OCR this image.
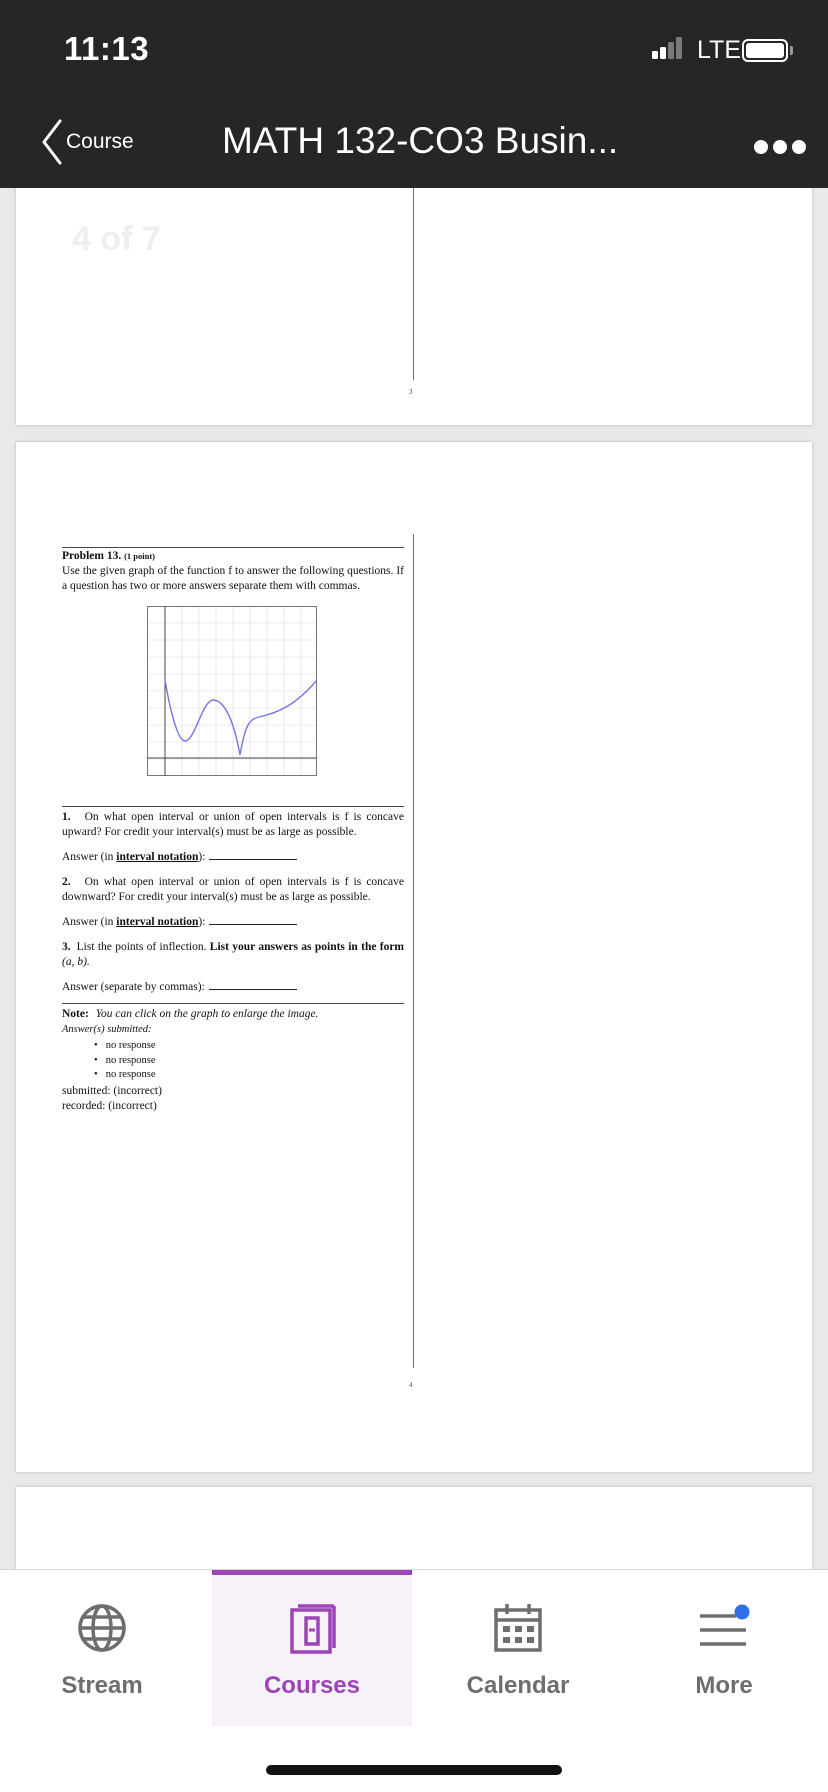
11:13	LTE
Course MATH 132-CO3 Busin...
4 of 7
3
4
Problem 13. (1 point)

Use the given graph of the function f to answer the following questions. If a question has two or more answers separate them with commas.

1. On what open interval or union of open intervals is f is concave upward? For credit your interval(s) must be as large as possible.

Answer (in interval notation):

2. On what open interval or union of open intervals is f is concave downward? For credit your interval(s) must be as large as possible.

Answer (in interval notation):

3. List the points of inflection. List your answers as points in the form (a, b).

Answer (separate by commas):
Note: You can click on the graph to enlarge the image.
Answer(s) submitted:
• no response
• no response
• no response
submitted: (incorrect)
recorded: (incorrect)
Stream	Courses	Calendar	More
